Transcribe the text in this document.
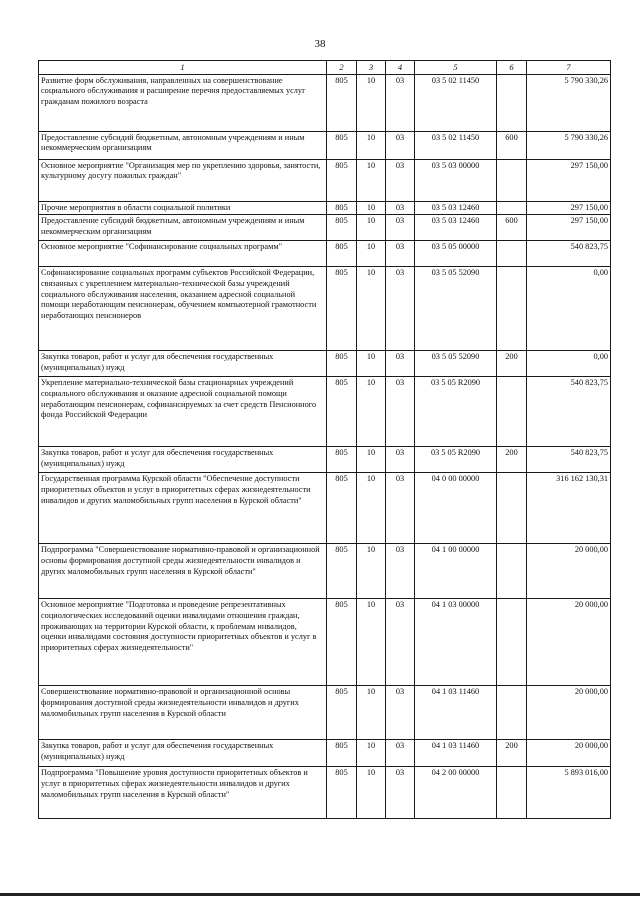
38
1	2	3	4	5	6	7
Развитие форм обслуживания, направленных на совершенствование социального обслуживания и расширение перечня предоставляемых услуг гражданам пожилого возраста	805	10	03	03 5 02 11450		5 790 330,26
Предоставление субсидий бюджетным, автономным учреждениям и иным некоммерческим организациям	805	10	03	03 5 02 11450	600	5 790 330,26
Основное мероприятие "Организация мер по укреплению здоровья, занятости, культурному досугу пожилых граждан"	805	10	03	03 5 03 00000		297 150,00
Прочие мероприятия в области социальной политики	805	10	03	03 5 03 12460		297 150,00
Предоставление субсидий бюджетным, автономным учреждениям и иным некоммерческим организациям	805	10	03	03 5 03 12460	600	297 150,00
Основное мероприятие "Софинансирование социальных программ"	805	10	03	03 5 05 00000		540 823,75
Софинансирование социальных программ субъектов Российской Федерации, связанных с укреплением материально-технической базы учреждений социального обслуживания населения, оказанием адресной социальной помощи неработающим пенсионерам, обучением компьютерной грамотности неработающих пенсионеров	805	10	03	03 5 05 52090		0,00
Закупка товаров, работ и услуг для обеспечения государственных (муниципальных) нужд	805	10	03	03 5 05 52090	200	0,00
Укрепление материально-технической базы стационарных учреждений социального обслуживания и оказание адресной социальной помощи неработающим пенсионерам, софинансируемых за счет средств Пенсионного фонда Российской Федерации	805	10	03	03 5 05 R2090		540 823,75
Закупка товаров, работ и услуг для обеспечения государственных (муниципальных) нужд	805	10	03	03 5 05 R2090	200	540 823,75
Государственная программа Курской области "Обеспечение доступности приоритетных объектов и услуг в приоритетных сферах жизнедеятельности инвалидов и других маломобильных групп населения в Курской области"	805	10	03	04 0 00 00000		316 162 130,31
Подпрограмма "Совершенствование нормативно-правовой и организационной основы формирования доступной среды жизнедеятельности инвалидов и других маломобильных групп населения в Курской области"	805	10	03	04 1 00 00000		20 000,00
Основное мероприятие "Подготовка и проведение репрезентативных социологических исследований оценки инвалидами отношения граждан, проживающих на территории Курской области, к проблемам инвалидов, оценки инвалидами состояния доступности приоритетных объектов и услуг в приоритетных сферах жизнедеятельности"	805	10	03	04 1 03 00000		20 000,00
Совершенствование нормативно-правовой и организационной основы формирования доступной среды жизнедеятельности инвалидов и других маломобильных групп населения в Курской области	805	10	03	04 1 03 11460		20 000,00
Закупка товаров, работ и услуг для обеспечения государственных (муниципальных) нужд	805	10	03	04 1 03 11460	200	20 000,00
Подпрограмма "Повышение уровня доступности приоритетных объектов и услуг в приоритетных сферах жизнедеятельности инвалидов и других маломобильных групп населения в Курской области"	805	10	03	04 2 00 00000		5 893 016,00
